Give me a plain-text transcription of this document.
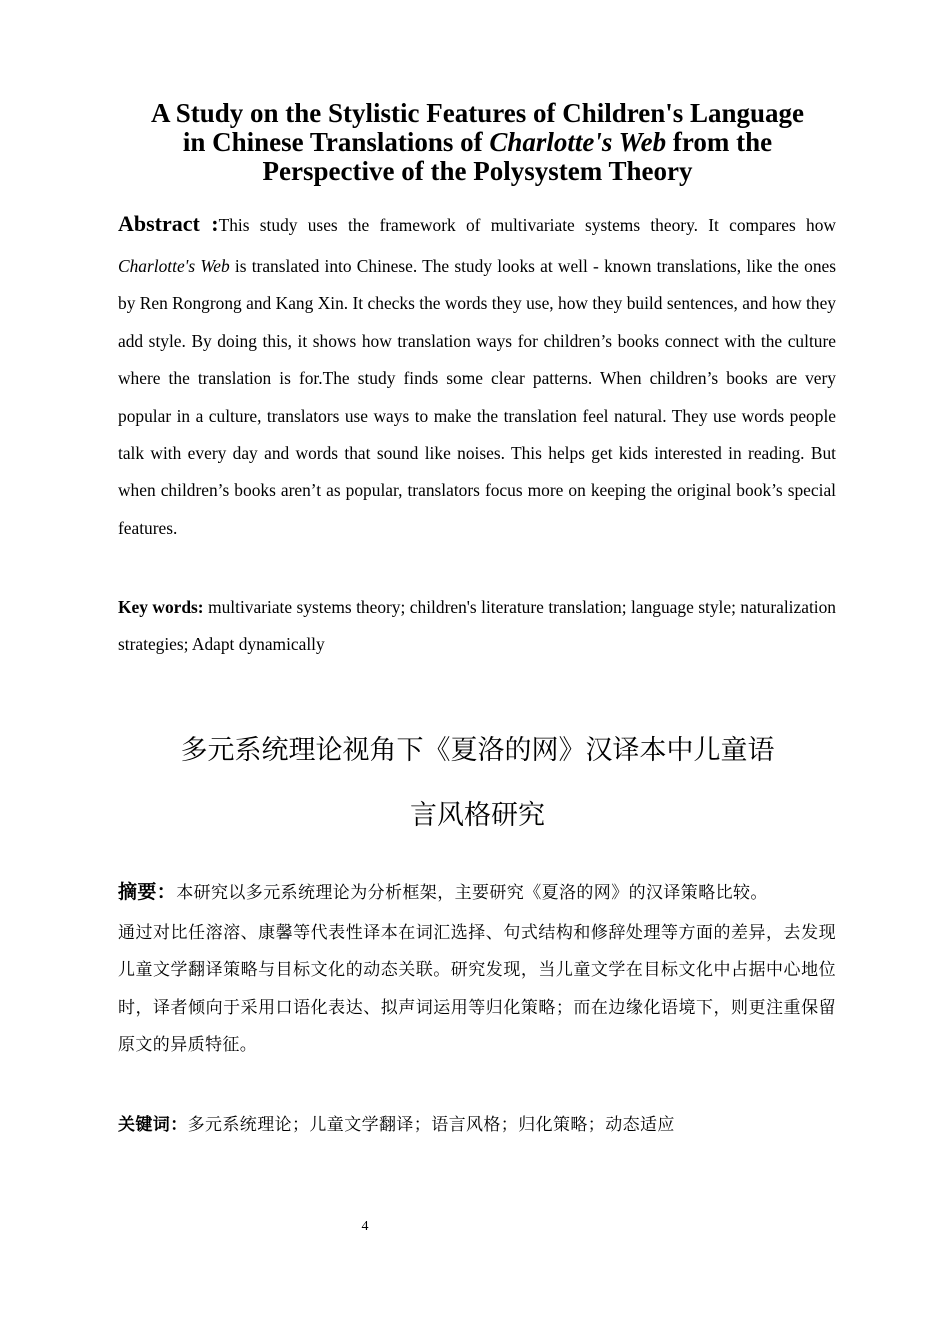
A Study on the Stylistic Features of Children's Language
in Chinese Translations of Charlotte's Web from the
Perspective of the Polysystem Theory
Abstract :This study uses the framework of multivariate systems theory. It compares how
Charlotte's Web is translated into Chinese. The study looks at well - known translations, like the ones by Ren Rongrong and Kang Xin. It checks the words they use, how they build sentences, and how they add style. By doing this, it shows how translation ways for children’s books connect with the culture where the translation is for.The study finds some clear patterns. When children’s books are very popular in a culture, translators use ways to make the translation feel natural. They use words people talk with every day and words that sound like noises. This helps get kids interested in reading. But when children’s books aren’t as popular, translators focus more on keeping the original book’s special features.
Key words: multivariate systems theory; children's literature translation; language style; naturalization strategies; Adapt dynamically
多元系统理论视角下《夏洛的网》汉译本中儿童语
言风格研究
摘要：本研究以多元系统理论为分析框架，主要研究《夏洛的网》的汉译策略比较。
通过对比任溶溶、康馨等代表性译本在词汇选择、句式结构和修辞处理等方面的差异，去发现儿童文学翻译策略与目标文化的动态关联。研究发现，当儿童文学在目标文化中占据中心地位时，译者倾向于采用口语化表达、拟声词运用等归化策略；而在边缘化语境下，则更注重保留原文的异质特征。
关键词：多元系统理论；儿童文学翻译；语言风格；归化策略；动态适应
4
